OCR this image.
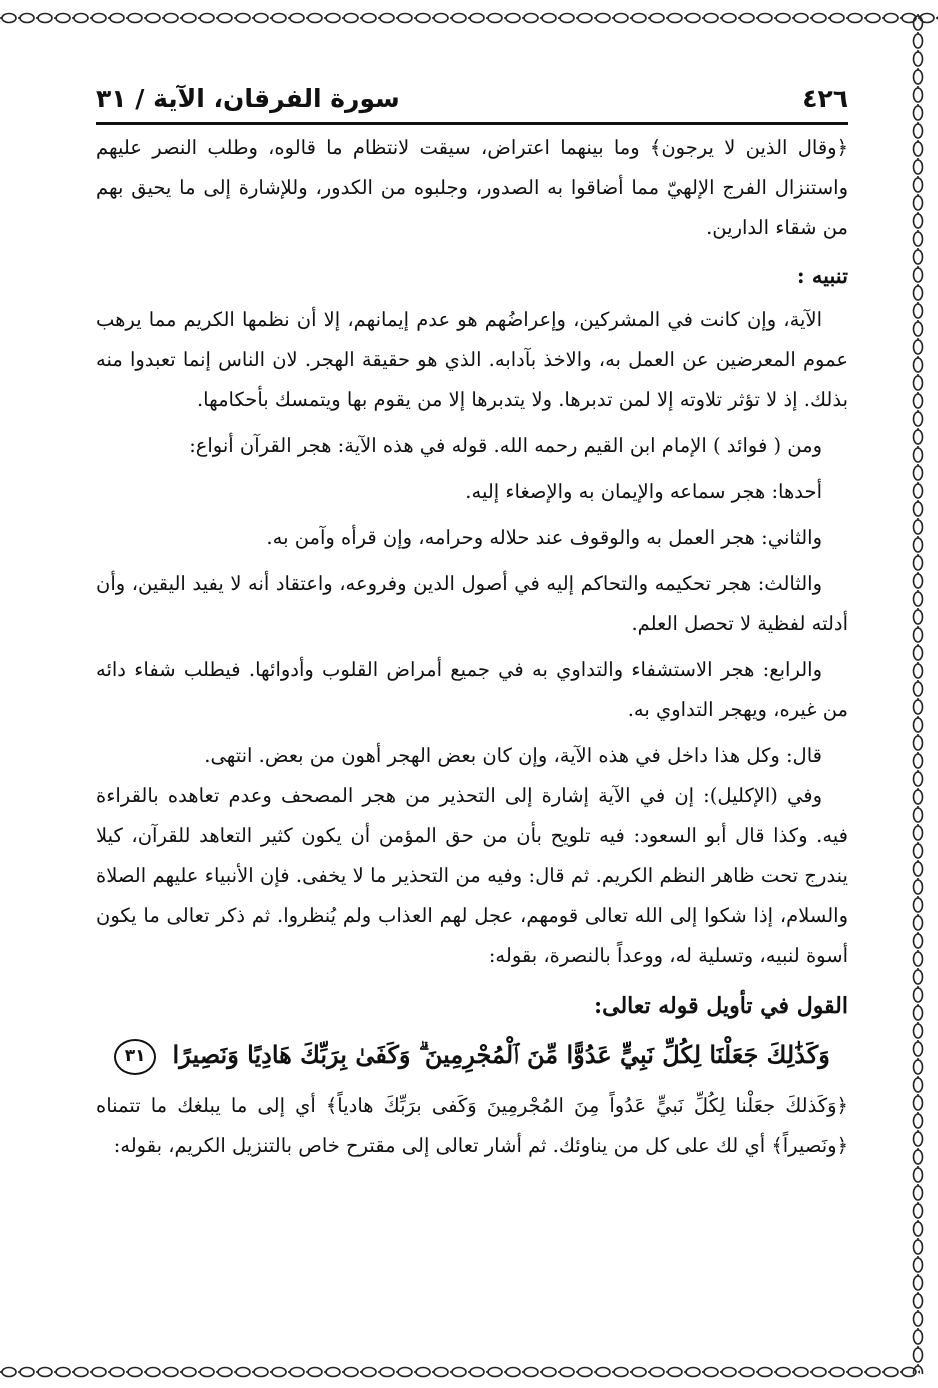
٤٢٦
سورة الفرقان، الآية / ٣١

﴿وقال الذين لا يرجون﴾ وما بينهما اعتراض، سيقت لانتظام ما قالوه، وطلب النصر عليهم واستنزال الفرج الإلهيّ مما أضاقوا به الصدور، وجلبوه من الكدور، وللإشارة إلى ما يحيق بهم من شقاء الدارين.

تنبيه :

الآية، وإن كانت في المشركين، وإعراضُهم هو عدم إيمانهم، إلا أن نظمها الكريم مما يرهب عموم المعرضين عن العمل به، والاخذ بآدابه. الذي هو حقيقة الهجر. لان الناس إنما تعبدوا منه بذلك. إذ لا تؤثر تلاوته إلا لمن تدبرها. ولا يتدبرها إلا من يقوم بها ويتمسك بأحكامها.

ومن ( فوائد ) الإمام ابن القيم رحمه الله. قوله في هذه الآية: هجر القرآن أنواع:

أحدها: هجر سماعه والإيمان به والإصغاء إليه.

والثاني: هجر العمل به والوقوف عند حلاله وحرامه، وإن قرأه وآمن به.

والثالث: هجر تحكيمه والتحاكم إليه في أصول الدين وفروعه، واعتقاد أنه لا يفيد اليقين، وأن أدلته لفظية لا تحصل العلم.

والرابع: هجر الاستشفاء والتداوي به في جميع أمراض القلوب وأدوائها. فيطلب شفاء دائه من غيره، ويهجر التداوي به.

قال: وكل هذا داخل في هذه الآية، وإن كان بعض الهجر أهون من بعض. انتهى.

وفي (الإكليل): إن في الآية إشارة إلى التحذير من هجر المصحف وعدم تعاهده بالقراءة فيه. وكذا قال أبو السعود: فيه تلويح بأن من حق المؤمن أن يكون كثير التعاهد للقرآن، كيلا يندرج تحت ظاهر النظم الكريم. ثم قال: وفيه من التحذير ما لا يخفى. فإن الأنبياء عليهم الصلاة والسلام، إذا شكوا إلى الله تعالى قومهم، عجل لهم العذاب ولم يُنظروا. ثم ذكر تعالى ما يكون أسوة لنبيه، وتسلية له، ووعداً بالنصرة، بقوله:

القول في تأويل قوله تعالى:
وَكَذَٰلِكَ جَعَلْنَا لِكُلِّ نَبِيٍّ عَدُوًّا مِّنَ ٱلْمُجْرِمِينَ ۗ وَكَفَىٰ بِرَبِّكَ هَادِيًا وَنَصِيرًا ٣١

﴿وَكَذلكَ جعَلْنا لِكُلِّ نَبيٍّ عَدُواً مِنَ المُجْرمِينَ وَكَفى برَبِّكَ هادياً﴾ أي إلى ما يبلغك ما تتمناه ﴿ونَصيراً﴾ أي لك على كل من يناوئك. ثم أشار تعالى إلى مقترح خاص بالتنزيل الكريم، بقوله:
